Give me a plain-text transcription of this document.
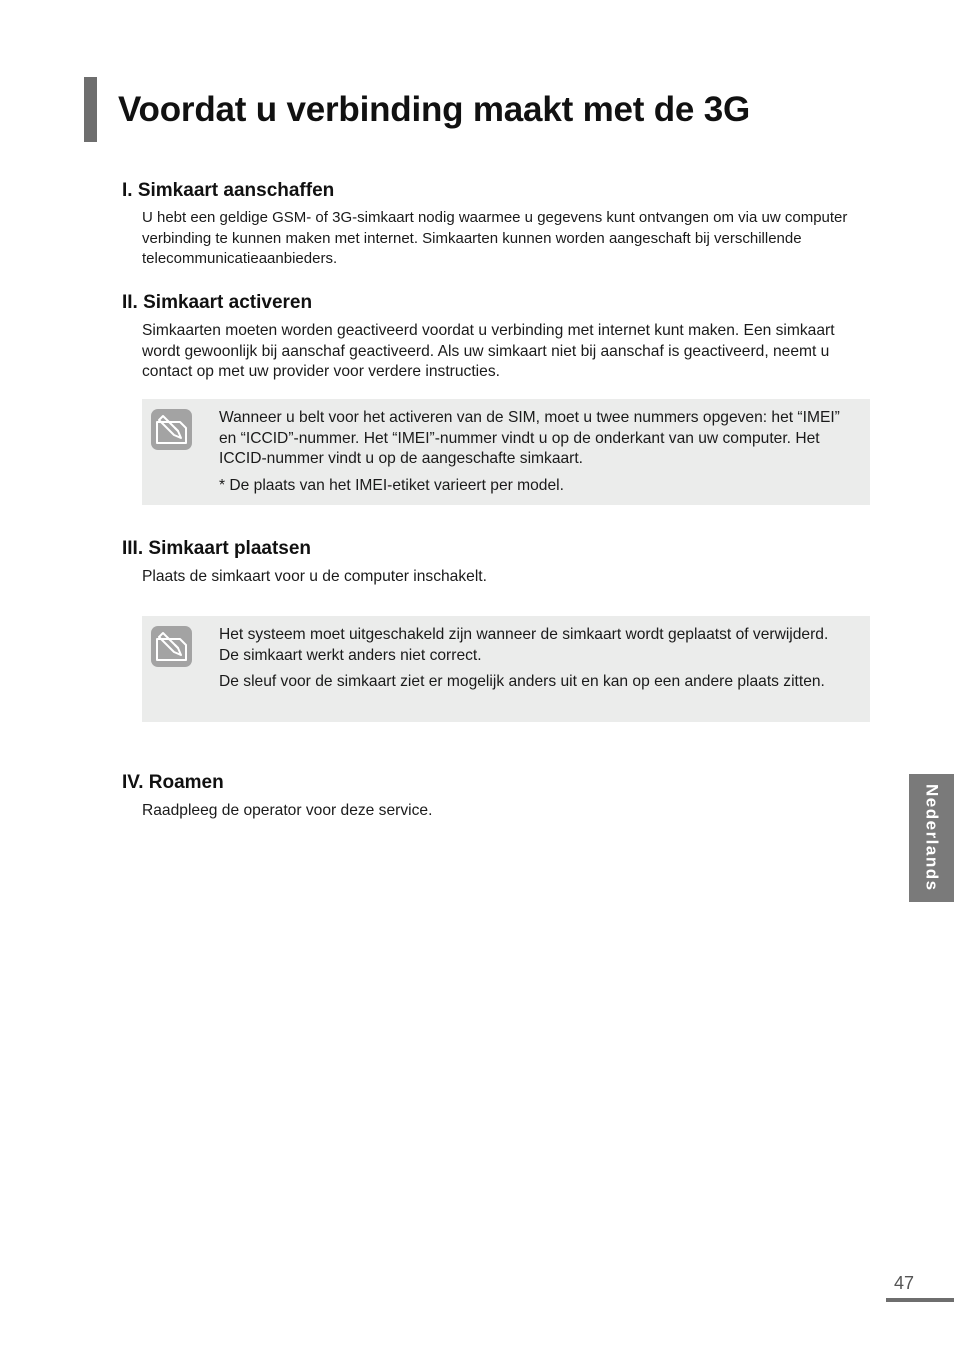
Voordat u verbinding maakt met de 3G
I. Simkaart aanschaffen

U hebt een geldige GSM- of 3G-simkaart nodig waarmee u gegevens kunt ontvangen om via uw computer verbinding te kunnen maken met internet. Simkaarten kunnen worden aangeschaft bij verschillende telecommunicatieaanbieders.

II. Simkaart activeren

Simkaarten moeten worden geactiveerd voordat u verbinding met internet kunt maken. Een simkaart wordt gewoonlijk bij aanschaf geactiveerd. Als uw simkaart niet bij aanschaf is geactiveerd, neemt u contact op met uw provider voor verdere instructies.

Wanneer u belt voor het activeren van de SIM, moet u twee nummers opgeven: het “IMEI” en “ICCID”-nummer. Het “IMEI”-nummer vindt u op de onderkant van uw computer. Het ICCID-nummer vindt u op de aangeschafte simkaart.

* De plaats van het IMEI-etiket varieert per model.

III. Simkaart plaatsen

Plaats de simkaart voor u de computer inschakelt.

Het systeem moet uitgeschakeld zijn wanneer de simkaart wordt geplaatst of verwijderd. De simkaart werkt anders niet correct.

De sleuf voor de simkaart ziet er mogelijk anders uit en kan op een andere plaats zitten.

IV. Roamen

Raadpleeg de operator voor deze service.	Nederlands
47
